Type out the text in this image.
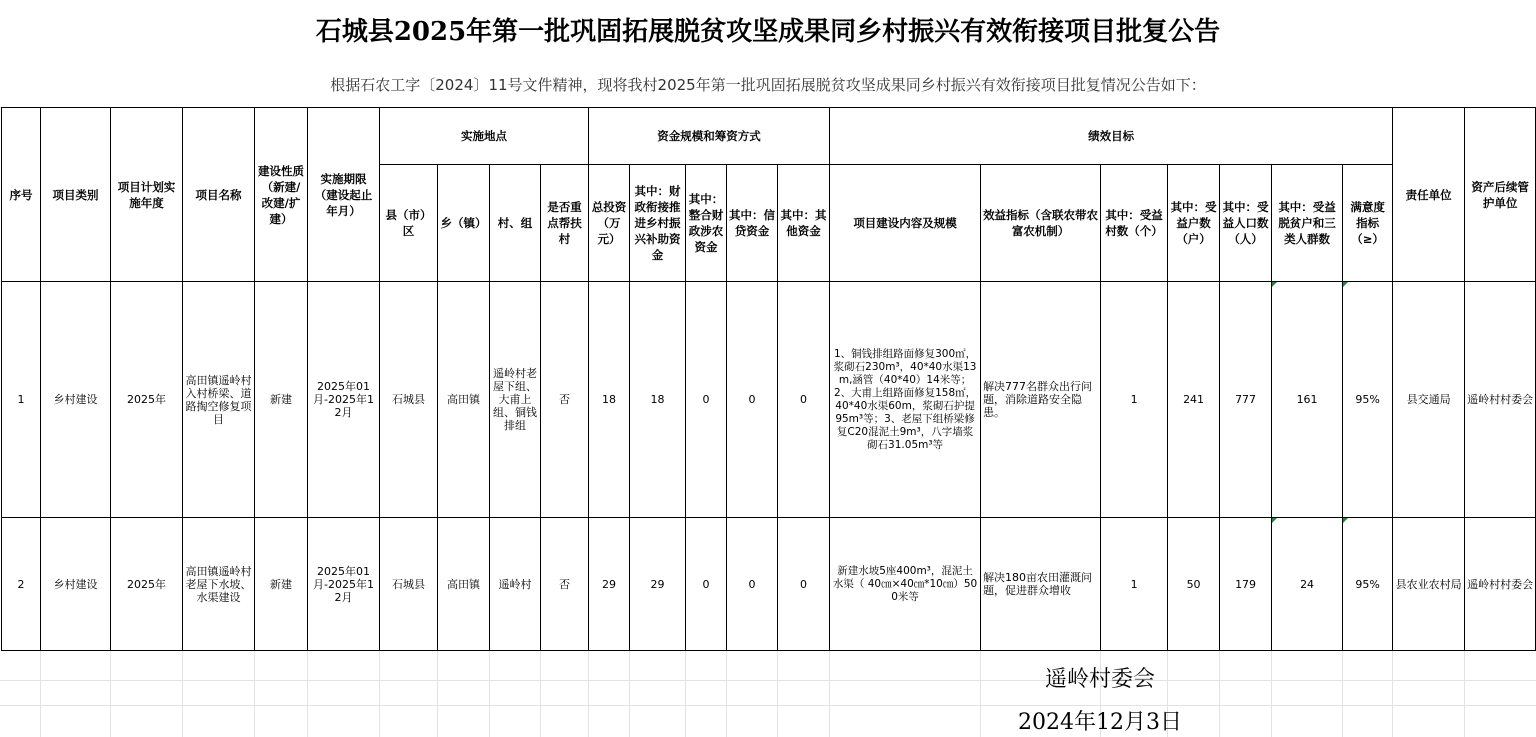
石城县2025年第一批巩固拓展脱贫攻坚成果同乡村振兴有效衔接项目批复公告
根据石农工字〔2024〕11号文件精神，现将我村2025年第一批巩固拓展脱贫攻坚成果同乡村振兴有效衔接项目批复情况公告如下：
序号	项目类别	项目计划实施年度	项目名称	建设性质（新建/改建/扩建）	实施期限（建设起止年月）	实施地点				资金规模和筹资方式					绩效目标							责任单位	资产后续管护单位
						县（市）区	乡（镇）	村、组	是否重点帮扶村	总投资（万元）	其中：财政衔接推进乡村振兴补助资金	其中：整合财政涉农资金	其中：信贷资金	其中：其他资金	项目建设内容及规模	效益指标（含联农带农富农机制）	其中：受益村数（个）	其中：受益户数（户）	其中：受益人口数（人）	其中：受益脱贫户和三类人群数	满意度指标（≥）		
1	乡村建设	2025年	高田镇遥岭村入村桥梁、道路掏空修复项目	新建	2025年01月-2025年12月	石城县	高田镇	遥岭村老屋下组、大甫上组、铜钱排组	否	18	18	0	0	0	1、铜钱排组路面修复300㎡，浆砌石230m³，40*40水渠13m,涵管（40*40）14米等；2、大甫上组路面修复158㎡，40*40水渠60m，浆砌石护提95m³等；3、老屋下组桥梁修复C20混泥土9m³，八字墙浆砌石31.05m³等	解决777名群众出行问题，消除道路安全隐患。	1	241	777	161	95%	县交通局	遥岭村村委会
2	乡村建设	2025年	高田镇遥岭村老屋下水坡、水渠建设	新建	2025年01月-2025年12月	石城县	高田镇	遥岭村	否	29	29	0	0	0	新建水坡5座400m³，混泥土水渠（ 40㎝×40㎝*10㎝）500米等	解决180亩农田灌溉问题，促进群众增收	1	50	179	24	95%	县农业农村局	遥岭村村委会
遥岭村委会
2024年12月3日
